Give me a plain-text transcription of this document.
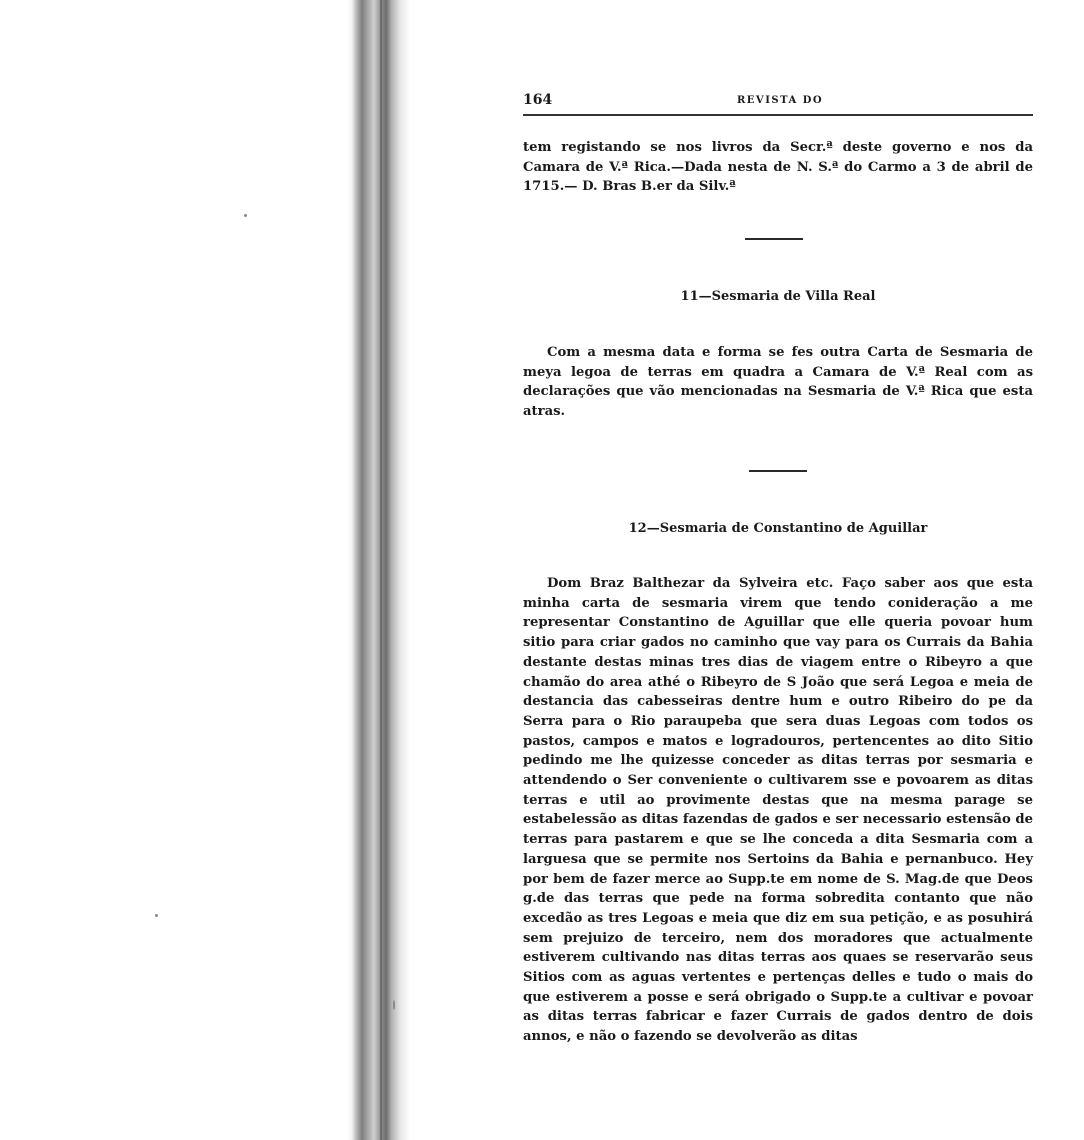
164	REVISTA DO
tem registando se nos livros da Secr.ª deste governo e nos da Camara de V.ª Rica.—Dada nesta de N. S.ª do Carmo a 3 de abril de 1715.— D. Bras B.er da Silv.ª
11—Sesmaria de Villa Real
Com a mesma data e forma se fes outra Carta de Sesmaria de meya legoa de terras em quadra a Camara de V.ª Real com as declarações que vão mencionadas na Sesmaria de V.ª Rica que esta atras.
12—Sesmaria de Constantino de Aguillar
Dom Braz Balthezar da Sylveira etc. Faço saber aos que esta minha carta de sesmaria virem que tendo conideração a me representar Constantino de Aguillar que elle queria povoar hum sitio para criar gados no caminho que vay para os Currais da Bahia destante destas minas tres dias de viagem entre o Ribeyro a que chamão do area athé o Ribeyro de S João que será Legoa e meia de destancia das cabesseiras dentre hum e outro Ribeiro do pe da Serra para o Rio paraupeba que sera duas Legoas com todos os pastos, campos e matos e logradouros, pertencentes ao dito Sitio pedindo me lhe quizesse conceder as ditas terras por sesmaria e attendendo o Ser conveniente o cultivarem sse e povoarem as ditas terras e util ao provimente destas que na mesma parage se estabelessão as ditas fazendas de gados e ser necessario estensão de terras para pastarem e que se lhe conceda a dita Sesmaria com a larguesa que se permite nos Sertoins da Bahia e pernanbuco. Hey por bem de fazer merce ao Supp.te em nome de S. Mag.de que Deos g.de das terras que pede na forma sobredita contanto que não excedão as tres Legoas e meia que diz em sua petição, e as posuhirá sem prejuizo de terceiro, nem dos moradores que actualmente estiverem cultivando nas ditas terras aos quaes se reservarão seus Sitios com as aguas vertentes e pertenças delles e tudo o mais do que estiverem a posse e será obrigado o Supp.te a cultivar e povoar as ditas terras fabricar e fazer Currais de gados dentro de dois annos, e não o fazendo se devolverão as ditas
